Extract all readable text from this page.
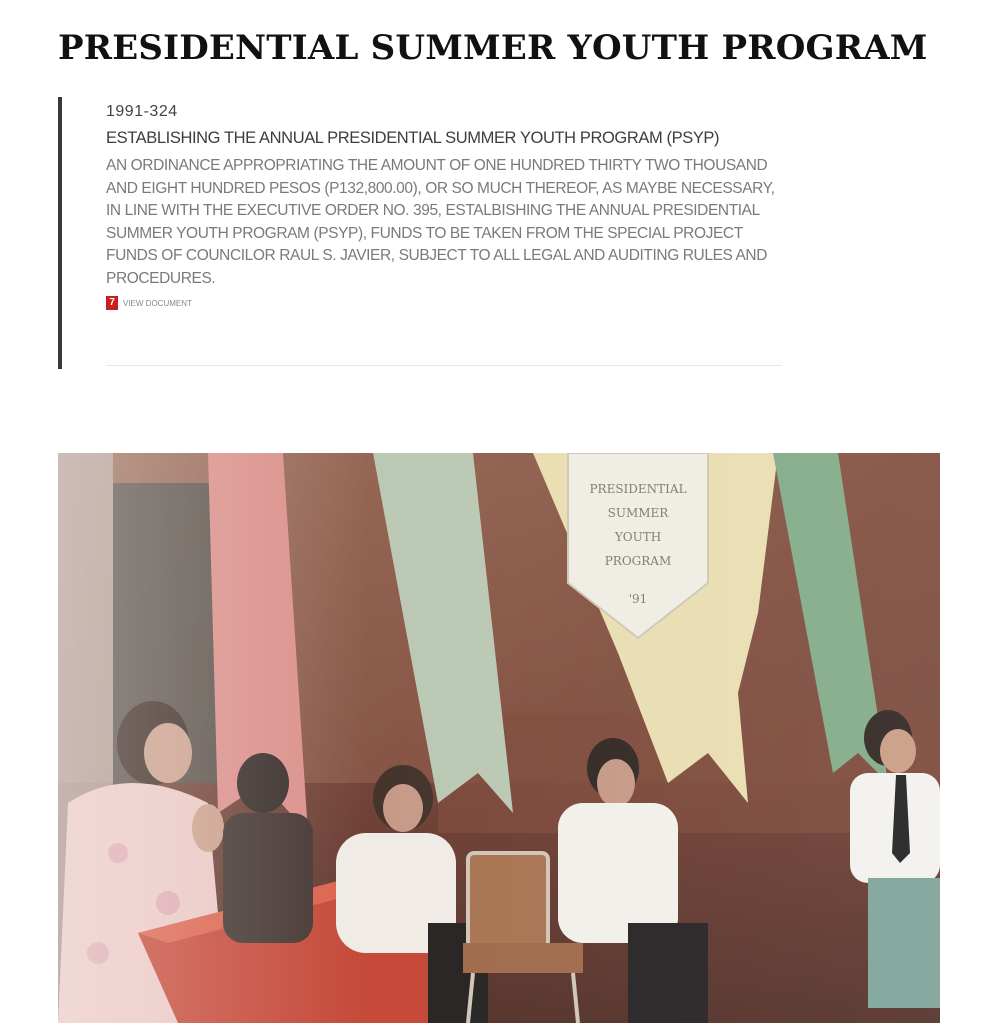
PRESIDENTIAL SUMMER YOUTH PROGRAM
1991-324
ESTABLISHING THE ANNUAL PRESIDENTIAL SUMMER YOUTH PROGRAM (PSYP)
AN ORDINANCE APPROPRIATING THE AMOUNT OF ONE HUNDRED THIRTY TWO THOUSAND AND EIGHT HUNDRED PESOS (P132,800.00), OR SO MUCH THEREOF, AS MAYBE NECESSARY, IN LINE WITH THE EXECUTIVE ORDER NO. 395, ESTALBISHING THE ANNUAL PRESIDENTIAL SUMMER YOUTH PROGRAM (PSYP), FUNDS TO BE TAKEN FROM THE SPECIAL PROJECT FUNDS OF COUNCILOR RAUL S. JAVIER, SUBJECT TO ALL LEGAL AND AUDITING RULES AND PROCEDURES.
7	VIEW DOCUMENT
